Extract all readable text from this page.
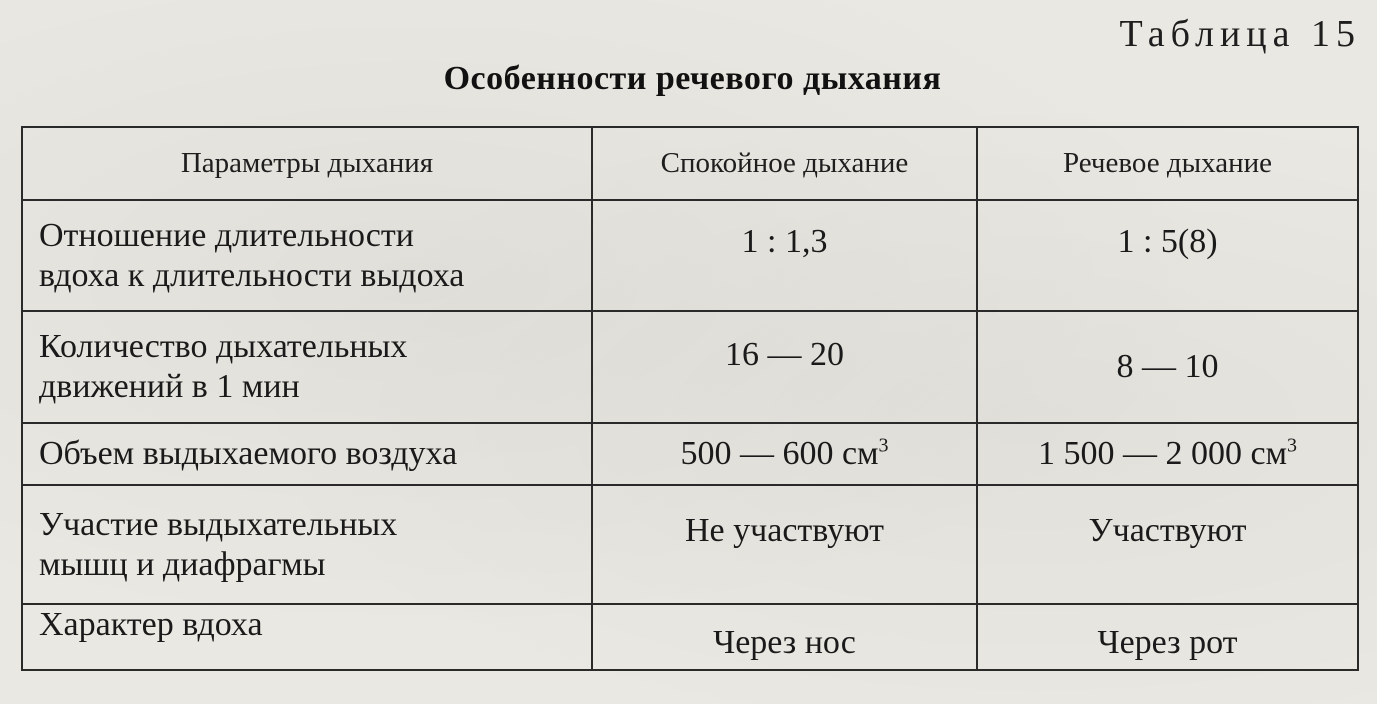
Таблица 15
Особенности речевого дыхания
Параметры дыхания	Спокойное дыхание	Речевое дыхание

Отношение длительности
вдоха к длительности выдоха	1 : 1,3	1 : 5(8)

Количество дыхательных
движений в 1 мин	16 — 20	8 — 10

Объем выдыхаемого воздуха	500 — 600 $см^3$	1 500 — 2 000 $см^3$

Участие выдыхательных
мышц и диафрагмы	Не участвуют	Участвуют

Характер вдоха	Через нос	Через рот
